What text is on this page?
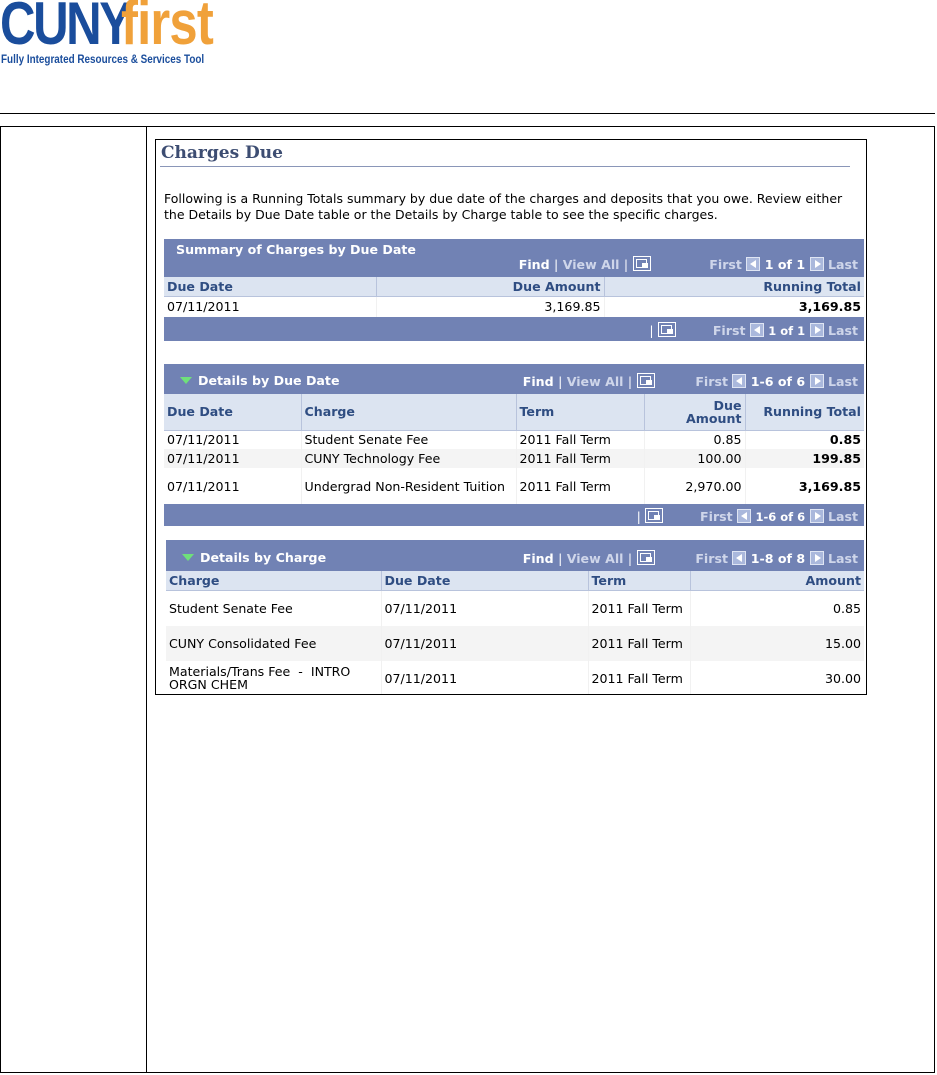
CUNY
first
Fully Integrated Resources & Services Tool
Charges Due
Following is a Running Totals summary by due date of the charges and deposits that you owe. Review either the Details by Due Date table or the Details by Charge table to see the specific charges.
Summary of Charges by Due Date
Find | View All |	First 1 of 1 Last
Due Date	Due Amount	Running Total
07/11/2011	3,169.85	3,169.85
|	First 1 of 1 Last
Details by Due Date	Find | View All |	First 1-6 of 6 Last
Due Date	Charge	Term	Due Amount	Running Total
07/11/2011	Student Senate Fee	2011 Fall Term	0.85	0.85
07/11/2011	CUNY Technology Fee	2011 Fall Term	100.00	199.85
07/11/2011	Undergrad Non-Resident Tuition	2011 Fall Term	2,970.00	3,169.85
|	First 1-6 of 6 Last
Details by Charge	Find | View All |	First 1-8 of 8 Last
Charge	Due Date	Term	Amount
Student Senate Fee	07/11/2011	2011 Fall Term	0.85
CUNY Consolidated Fee	07/11/2011	2011 Fall Term	15.00
Materials/Trans Fee  -  INTRO ORGN CHEM	07/11/2011	2011 Fall Term	30.00
